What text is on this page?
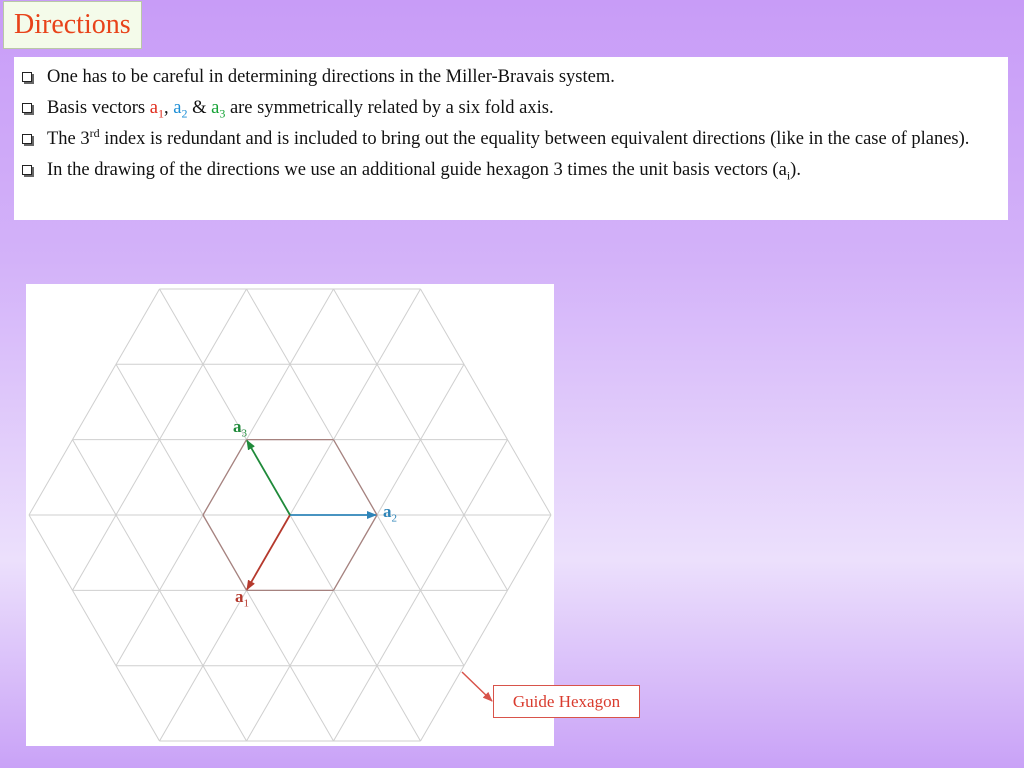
Directions
One has to be careful in determining directions in the Miller-Bravais system.
Basis vectors $a_1$, $a_2$ & $a_3$ are symmetrically related by a six fold axis.
The 3rd index is redundant and is included to bring out the equality between equivalent directions (like in the case of planes).
In the drawing of the directions we use an additional guide hexagon 3 times the unit basis vectors $(a_i)$.
$a_3$
$a_2$
$a_1$
Guide Hexagon
